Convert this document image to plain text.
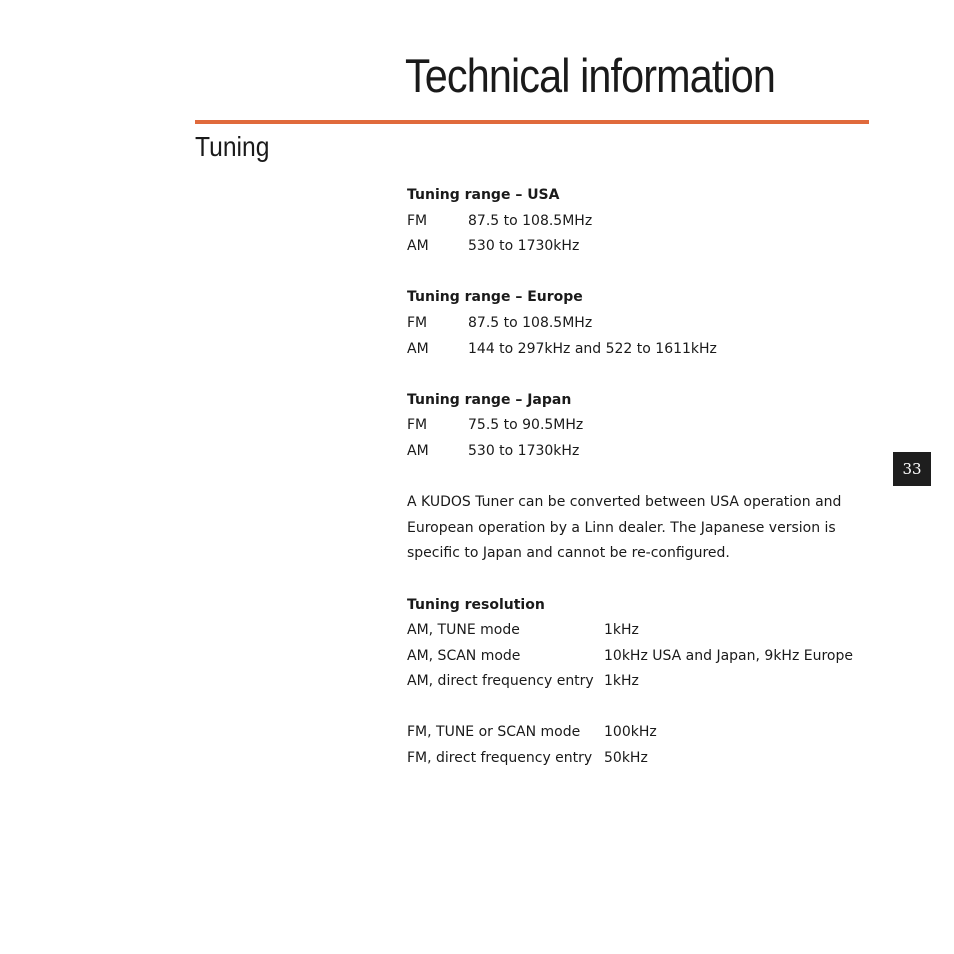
Technical information
Tuning
Tuning range – USA
FM	87.5 to 108.5MHz
AM	530 to 1730kHz
Tuning range – Europe
FM	87.5 to 108.5MHz
AM	144 to 297kHz and 522 to 1611kHz
Tuning range – Japan
FM	75.5 to 90.5MHz
AM	530 to 1730kHz
A KUDOS Tuner can be converted between USA operation and European operation by a Linn dealer. The Japanese version is specific to Japan and cannot be re-configured.
Tuning resolution
AM, TUNE mode	1kHz
AM, SCAN mode	10kHz USA and Japan, 9kHz Europe
AM, direct frequency entry 1kHz
FM, TUNE or SCAN mode	100kHz
FM, direct frequency entry 50kHz
33
